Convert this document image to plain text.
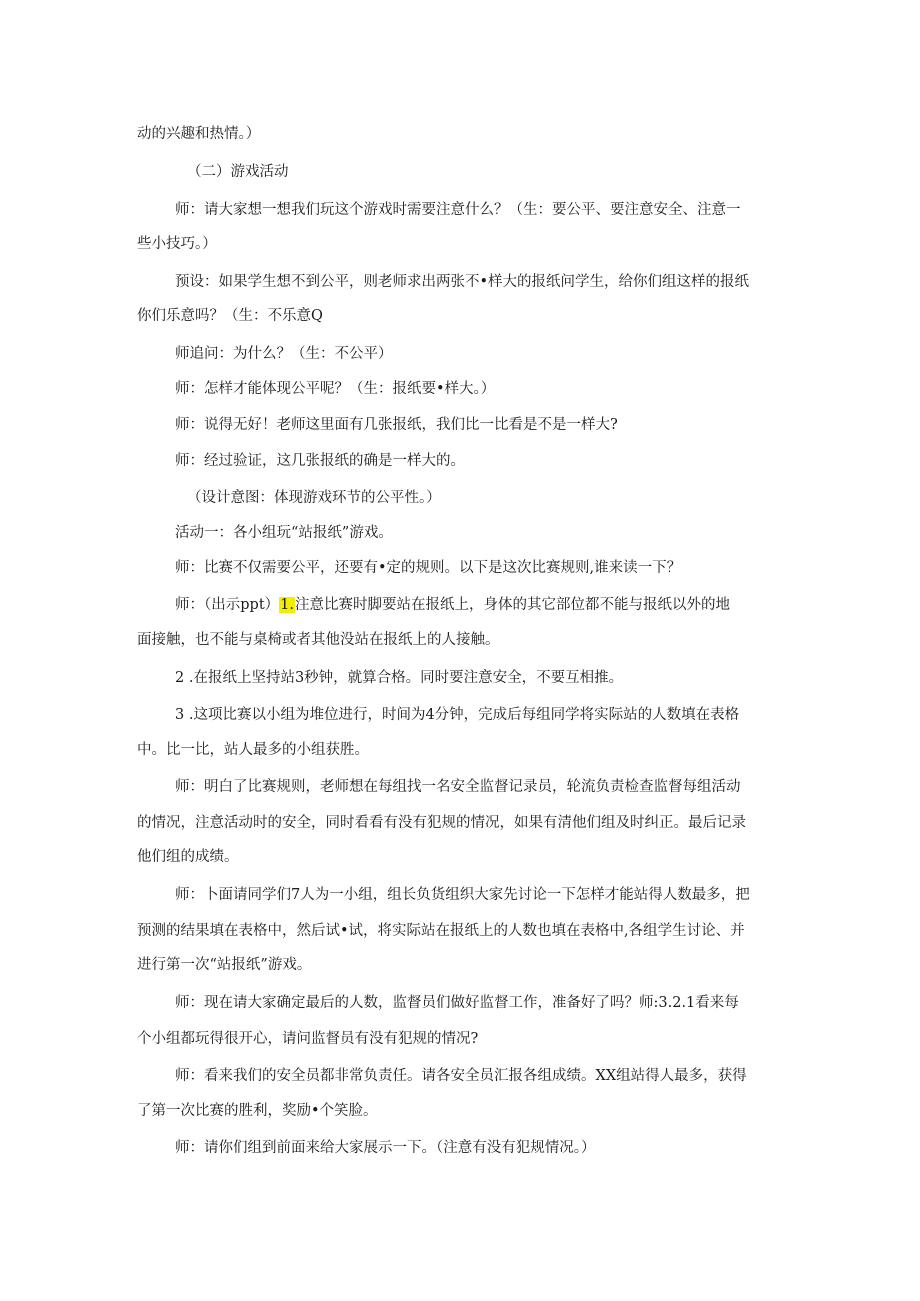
动的兴趣和热情。）
（二）游戏活动
师：请大家想一想我们玩这个游戏时需要注意什么？（生：要公平、要注意安全、注意一
些小技巧。）
预设：如果学生想不到公平，则老师求出两张不•样大的报纸问学生，给你们组这样的报纸
你们乐意吗？（生：不乐意Q
师追问：为什么？（生：不公平）
师：怎样才能体现公平呢？（生：报纸要•样大。）
师：说得无好！老师这里面有几张报纸，我们比一比看是不是一样大?
师：经过验证，这几张报纸的确是一样大的。
（设计意图：体现游戏环节的公平性。）
活动一：各小组玩“站报纸”游戏。
师：比赛不仅需要公平，还要有•定的规则。以下是这次比赛规则,谁来读一下？
师：（出示ppt）1.注意比赛时脚要站在报纸上，身体的其它部位都不能与报纸以外的地
面接触，也不能与桌椅或者其他没站在报纸上的人接触。
2 .在报纸上坚持站3秒钟，就算合格。同时要注意安全，不要互相推。
3 .这项比赛以小组为堆位进行，时间为4分钟，完成后每组同学将实际站的人数填在表格
中。比一比，站人最多的小组获胜。
师：明白了比赛规则，老师想在每组找一名安全监督记录员，轮流负责检查监督每组活动
的情况，注意活动时的安全，同时看看有没有犯规的情况，如果有清他们组及时纠正。最后记录
他们组的成绩。
师：卜面请同学们7人为一小组，组长负货组织大家先讨论一下怎样才能站得人数最多，把
预测的结果填在表格中，然后试•试，将实际站在报纸上的人数也填在表格中,各组学生讨论、并
进行第一次“站报纸”游戏。
师：现在请大家确定最后的人数，监督员们做好监督工作，准备好了吗？师:3.2.1看来每
个小组都玩得很开心，请问监督员有没有犯规的情况?
师：看来我们的安全员都非常负责任。请各安全员汇报各组成绩。XX组站得人最多，获得
了第一次比赛的胜利，奖励•个笑脸。
师：请你们组到前面来给大家展示一下。（注意有没有犯规情况。）
